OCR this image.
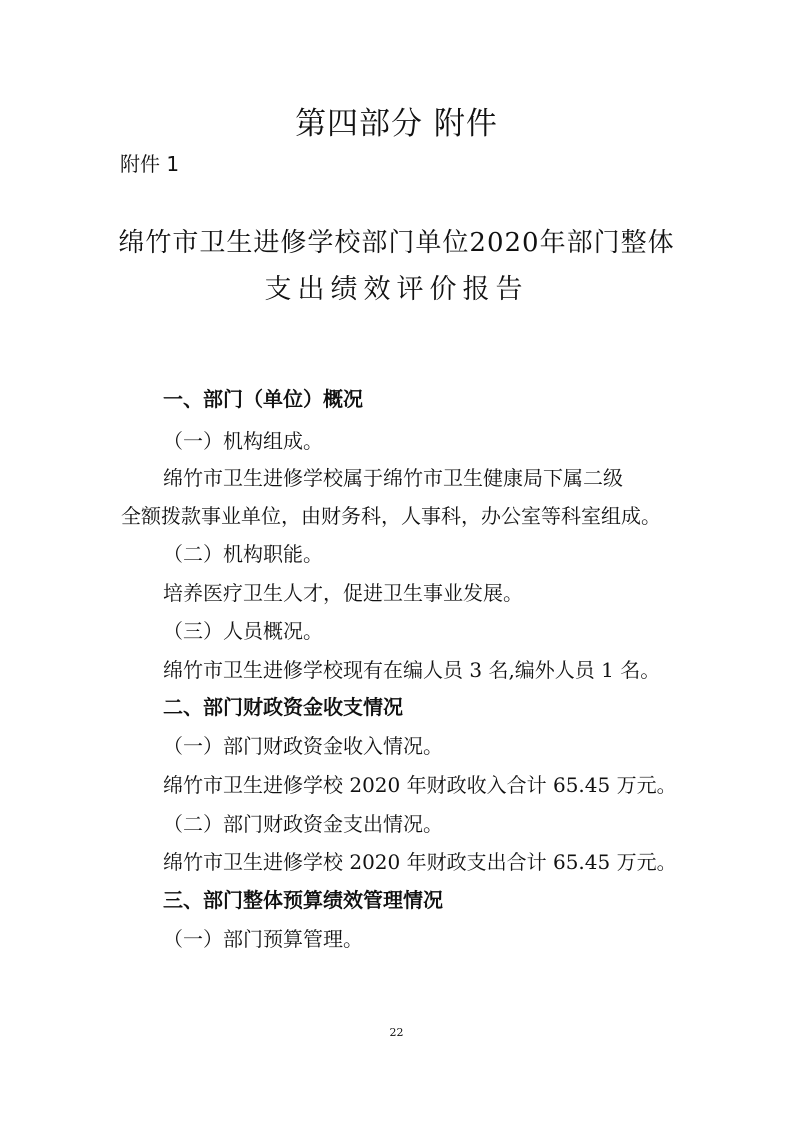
第四部分 附件
附件 1
绵竹市卫生进修学校部门单位2020年部门整体
支出绩效评价报告
一、部门（单位）概况
（一）机构组成。
绵竹市卫生进修学校属于绵竹市卫生健康局下属二级
全额拨款事业单位，由财务科，人事科，办公室等科室组成。
（二）机构职能。
培养医疗卫生人才，促进卫生事业发展。
（三）人员概况。
绵竹市卫生进修学校现有在编人员 3 名,编外人员 1 名。
二、部门财政资金收支情况
（一）部门财政资金收入情况。
绵竹市卫生进修学校 2020 年财政收入合计 65.45 万元。
（二）部门财政资金支出情况。
绵竹市卫生进修学校 2020 年财政支出合计 65.45 万元。
三、部门整体预算绩效管理情况
（一）部门预算管理。
22
